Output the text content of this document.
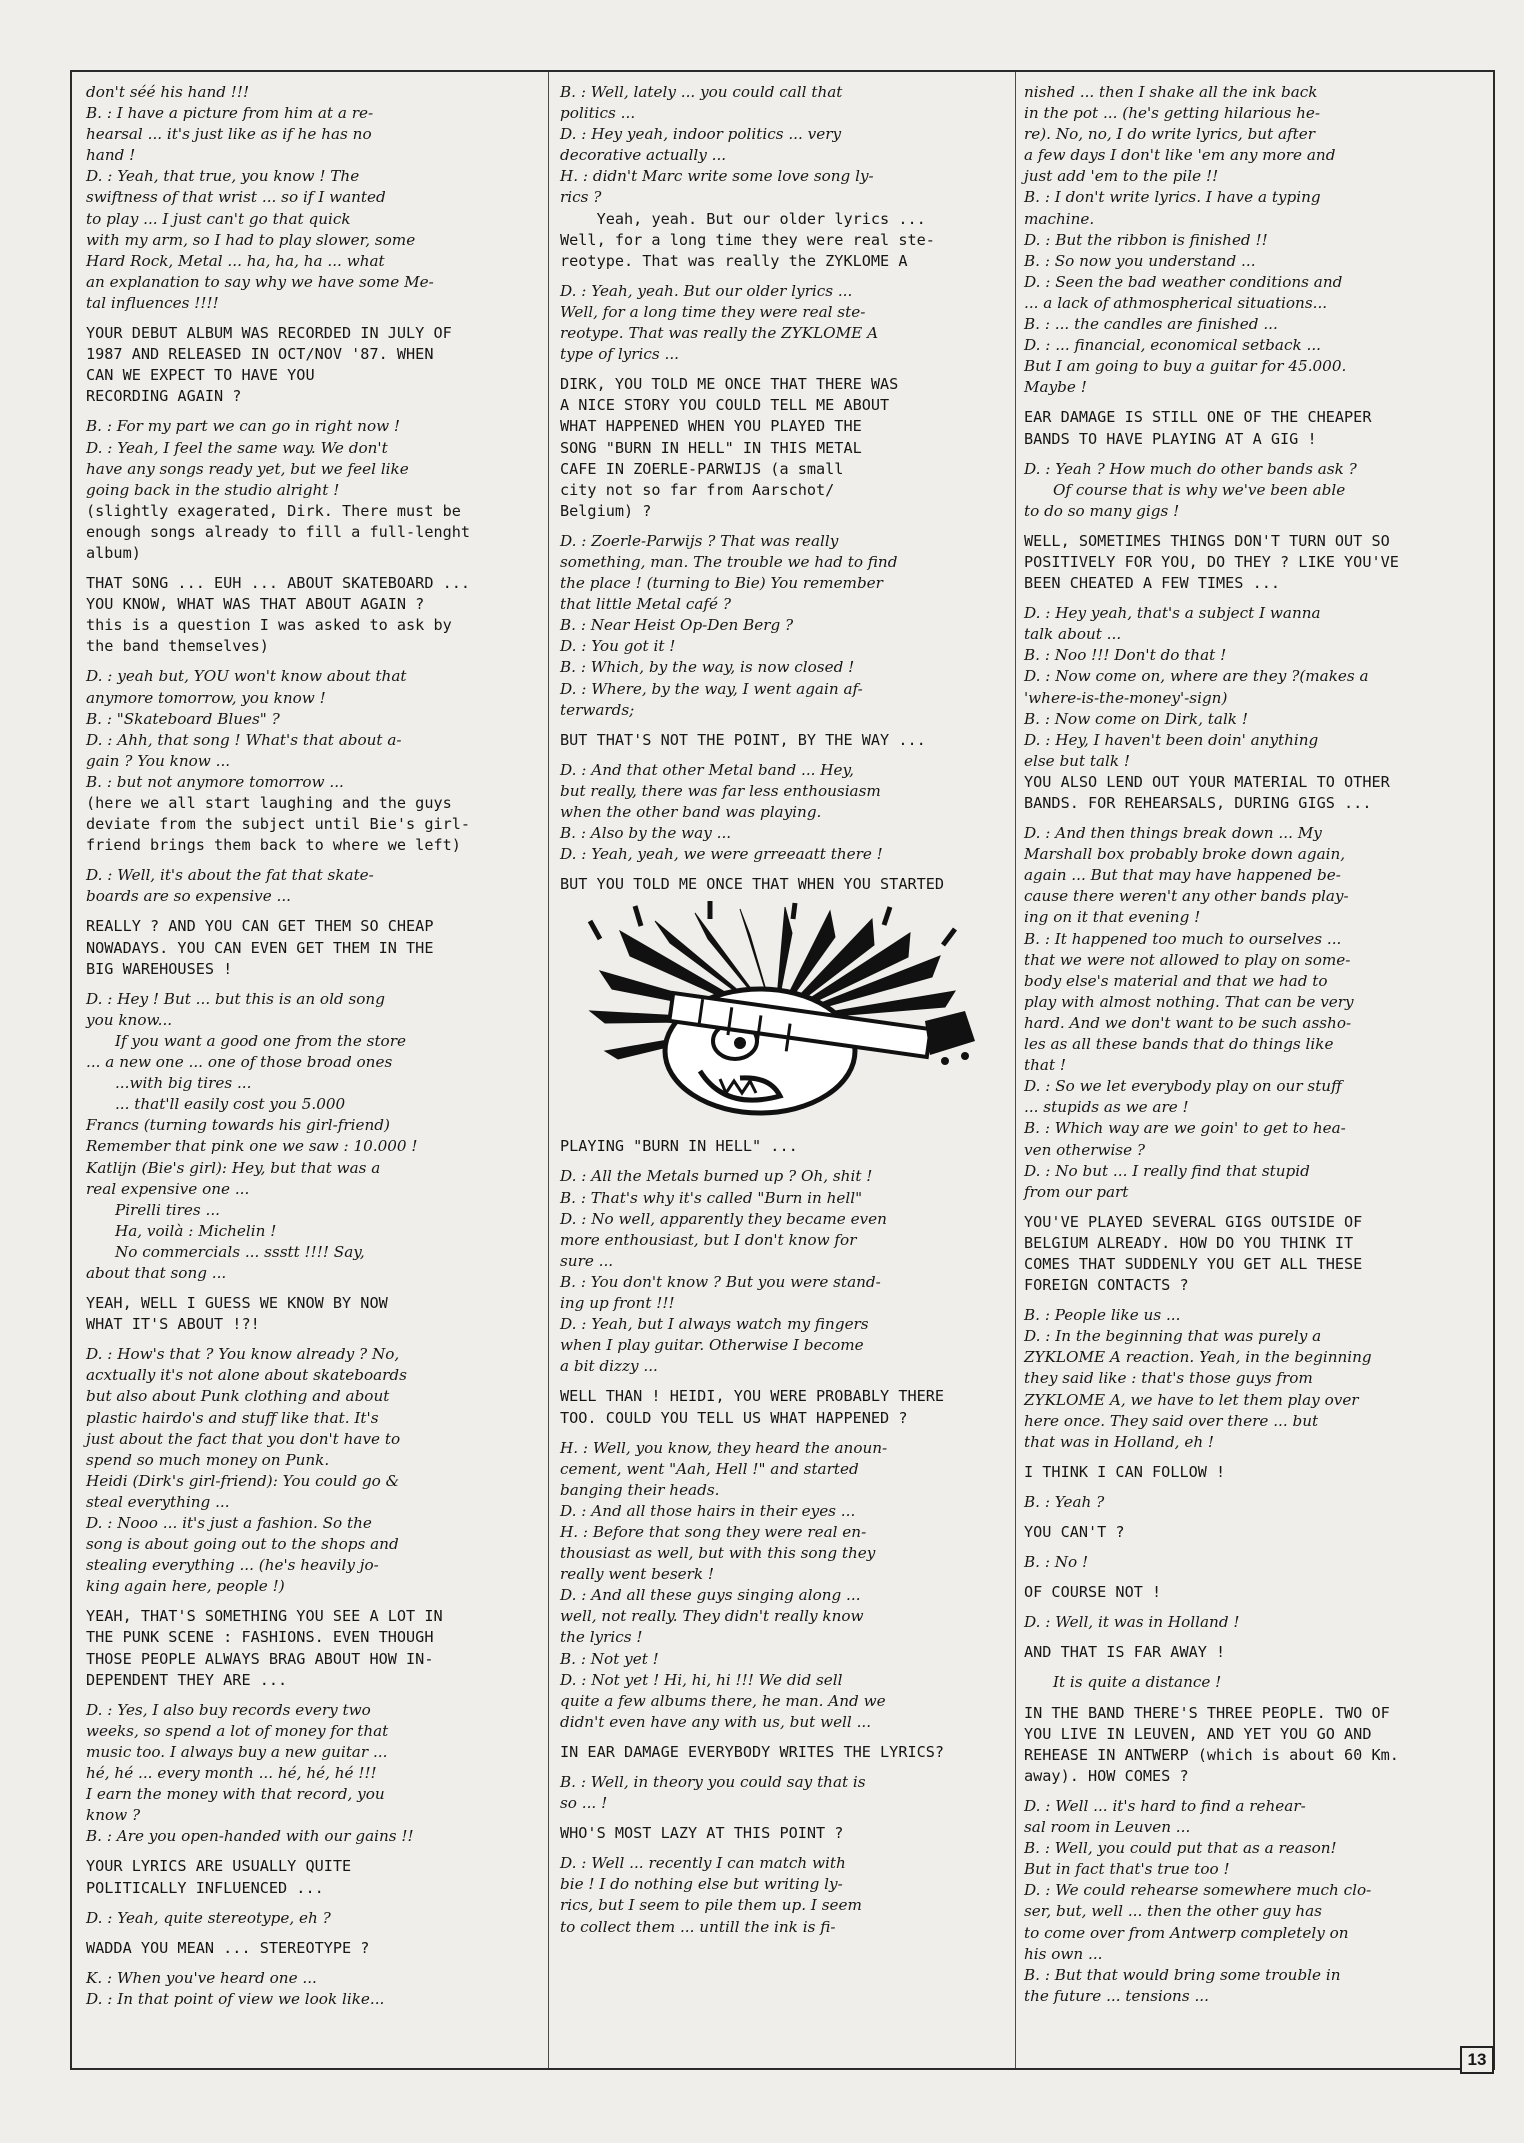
don't séé his hand !!!
B. : I have a picture from him at a re-
hearsal ... it's just like as if he has no
hand !
D. : Yeah, that true, you know ! The
swiftness of that wrist ... so if I wanted
to play ... I just can't go that quick
with my arm, so I had to play slower, some
Hard Rock, Metal ... ha, ha, ha ... what
an explanation to say why we have some Me-
tal influences !!!!
YOUR DEBUT ALBUM WAS RECORDED IN JULY OF
1987 AND RELEASED IN OCT/NOV '87. WHEN
CAN WE EXPECT TO HAVE YOU
RECORDING AGAIN ?
B. : For my part we can go in right now !
D. : Yeah, I feel the same way. We don't
have any songs ready yet, but we feel like
going back in the studio alright !
(slightly exagerated, Dirk. There must be
enough songs already to fill a full-lenght
album)
THAT SONG ... EUH ... ABOUT SKATEBOARD ...
YOU KNOW, WHAT WAS THAT ABOUT AGAIN ?
this is a question I was asked to ask by
the band themselves)
D. : yeah but, YOU won't know about that
anymore tomorrow, you know !
B. : "Skateboard Blues" ?
D. : Ahh, that song ! What's that about a-
gain ? You know ...
B. : but not anymore tomorrow ...
(here we all start laughing and the guys
deviate from the subject until Bie's girl-
friend brings them back to where we left)
D. : Well, it's about the fat that skate-
boards are so expensive ...
REALLY ? AND YOU CAN GET THEM SO CHEAP
NOWADAYS. YOU CAN EVEN GET THEM IN THE
BIG WAREHOUSES !
D. : Hey ! But ... but this is an old song
you know...
If you want a good one from the store
... a new one ... one of those broad ones
...with big tires ...
... that'll easily cost you 5.000
Francs (turning towards his girl-friend)
Remember that pink one we saw : 10.000 !
Katlijn (Bie's girl): Hey, but that was a
real expensive one ...
Pirelli tires ...
Ha, voilà : Michelin !
No commercials ... ssstt !!!! Say,
about that song ...
YEAH, WELL I GUESS WE KNOW BY NOW
WHAT IT'S ABOUT !?!
D. : How's that ? You know already ? No,
acxtually it's not alone about skateboards
but also about Punk clothing and about
plastic hairdo's and stuff like that. It's
just about the fact that you don't have to
spend so much money on Punk.
Heidi (Dirk's girl-friend): You could go &
steal everything ...
D. : Nooo ... it's just a fashion. So the
song is about going out to the shops and
stealing everything ... (he's heavily jo-
king again here, people !)
YEAH, THAT'S SOMETHING YOU SEE A LOT IN
THE PUNK SCENE : FASHIONS. EVEN THOUGH
THOSE PEOPLE ALWAYS BRAG ABOUT HOW IN-
DEPENDENT THEY ARE ...
D. : Yes, I also buy records every two
weeks, so spend a lot of money for that
music too. I always buy a new guitar ...
hé, hé ... every month ... hé, hé, hé !!!
I earn the money with that record, you
know ?
B. : Are you open-handed with our gains !!
YOUR LYRICS ARE USUALLY QUITE
POLITICALLY INFLUENCED ...
D. : Yeah, quite stereotype, eh ?
WADDA YOU MEAN ... STEREOTYPE ?
K. : When you've heard one ...
D. : In that point of view we look like...
B. : Well, lately ... you could call that
politics ...
D. : Hey yeah, indoor politics ... very
decorative actually ...
H. : didn't Marc write some love song ly-
rics ?
Yeah, yeah. But our older lyrics ...
Well, for a long time they were real ste-
reotype. That was really the ZYKLOME A
D. : Yeah, yeah. But our older lyrics ...
Well, for a long time they were real ste-
reotype. That was really the ZYKLOME A
type of lyrics ...
DIRK, YOU TOLD ME ONCE THAT THERE WAS
A NICE STORY YOU COULD TELL ME ABOUT
WHAT HAPPENED WHEN YOU PLAYED THE
SONG "BURN IN HELL" IN THIS METAL
CAFE IN ZOERLE-PARWIJS (a small
city not so far from Aarschot/
Belgium) ?
D. : Zoerle-Parwijs ? That was really
something, man. The trouble we had to find
the place ! (turning to Bie) You remember
that little Metal café ?
B. : Near Heist Op-Den Berg ?
D. : You got it !
B. : Which, by the way, is now closed !
D. : Where, by the way, I went again af-
terwards;
BUT THAT'S NOT THE POINT, BY THE WAY ...
D. : And that other Metal band ... Hey,
but really, there was far less enthousiasm
when the other band was playing.
B. : Also by the way ...
D. : Yeah, yeah, we were grreeaatt there !
BUT YOU TOLD ME ONCE THAT WHEN YOU STARTED
PLAYING "BURN IN HELL" ...
D. : All the Metals burned up ? Oh, shit !
B. : That's why it's called "Burn in hell"
D. : No well, apparently they became even
more enthousiast, but I don't know for
sure ...
B. : You don't know ? But you were stand-
ing up front !!!
D. : Yeah, but I always watch my fingers
when I play guitar. Otherwise I become
a bit dizzy ...
WELL THAN ! HEIDI, YOU WERE PROBABLY THERE
TOO. COULD YOU TELL US WHAT HAPPENED ?
H. : Well, you know, they heard the anoun-
cement, went "Aah, Hell !" and started
banging their heads.
D. : And all those hairs in their eyes ...
H. : Before that song they were real en-
thousiast as well, but with this song they
really went beserk !
D. : And all these guys singing along ...
well, not really. They didn't really know
the lyrics !
B. : Not yet !
D. : Not yet ! Hi, hi, hi !!! We did sell
quite a few albums there, he man. And we
didn't even have any with us, but well ...
IN EAR DAMAGE EVERYBODY WRITES THE LYRICS?
B. : Well, in theory you could say that is
so ... !
WHO'S MOST LAZY AT THIS POINT ?
D. : Well ... recently I can match with
bie ! I do nothing else but writing ly-
rics, but I seem to pile them up. I seem
to collect them ... untill the ink is fi-
nished ... then I shake all the ink back
in the pot ... (he's getting hilarious he-
re). No, no, I do write lyrics, but after
a few days I don't like 'em any more and
just add 'em to the pile !!
B. : I don't write lyrics. I have a typing
machine.
D. : But the ribbon is finished !!
B. : So now you understand ...
D. : Seen the bad weather conditions and
... a lack of athmospherical situations...
B. : ... the candles are finished ...
D. : ... financial, economical setback ...
But I am going to buy a guitar for 45.000.
Maybe !
EAR DAMAGE IS STILL ONE OF THE CHEAPER
BANDS TO HAVE PLAYING AT A GIG !
D. : Yeah ? How much do other bands ask ?
Of course that is why we've been able
to do so many gigs !
WELL, SOMETIMES THINGS DON'T TURN OUT SO
POSITIVELY FOR YOU, DO THEY ? LIKE YOU'VE
BEEN CHEATED A FEW TIMES ...
D. : Hey yeah, that's a subject I wanna
talk about ...
B. : Noo !!! Don't do that !
D. : Now come on, where are they ?(makes a
'where-is-the-money'-sign)
B. : Now come on Dirk, talk !
D. : Hey, I haven't been doin' anything
else but talk !
YOU ALSO LEND OUT YOUR MATERIAL TO OTHER
BANDS. FOR REHEARSALS, DURING GIGS ...
D. : And then things break down ... My
Marshall box probably broke down again,
again ... But that may have happened be-
cause there weren't any other bands play-
ing on it that evening !
B. : It happened too much to ourselves ...
that we were not allowed to play on some-
body else's material and that we had to
play with almost nothing. That can be very
hard. And we don't want to be such assho-
les as all these bands that do things like
that !
D. : So we let everybody play on our stuff
... stupids as we are !
B. : Which way are we goin' to get to hea-
ven otherwise ?
D. : No but ... I really find that stupid
from our part
YOU'VE PLAYED SEVERAL GIGS OUTSIDE OF
BELGIUM ALREADY. HOW DO YOU THINK IT
COMES THAT SUDDENLY YOU GET ALL THESE
FOREIGN CONTACTS ?
B. : People like us ...
D. : In the beginning that was purely a
ZYKLOME A reaction. Yeah, in the beginning
they said like : that's those guys from
ZYKLOME A, we have to let them play over
here once. They said over there ... but
that was in Holland, eh !
I THINK I CAN FOLLOW !
B. : Yeah ?
YOU CAN'T ?
B. : No !
OF COURSE NOT !
D. : Well, it was in Holland !
AND THAT IS FAR AWAY !
It is quite a distance !
IN THE BAND THERE'S THREE PEOPLE. TWO OF
YOU LIVE IN LEUVEN, AND YET YOU GO AND
REHEASE IN ANTWERP (which is about 60 Km.
away). HOW COMES ?
D. : Well ... it's hard to find a rehear-
sal room in Leuven ...
B. : Well, you could put that as a reason!
But in fact that's true too !
D. : We could rehearse somewhere much clo-
ser, but, well ... then the other guy has
to come over from Antwerp completely on
his own ...
B. : But that would bring some trouble in
the future ... tensions ...
13
